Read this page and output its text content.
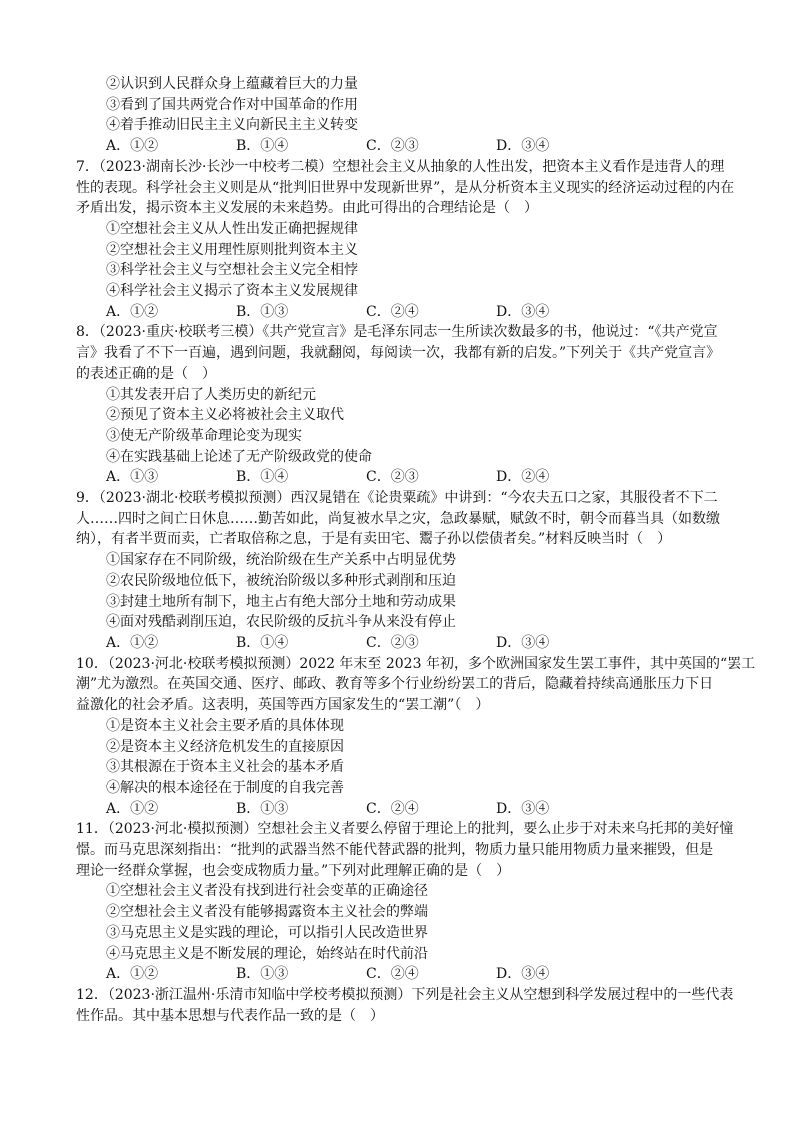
②认识到人民群众身上蕴藏着巨大的力量
③看到了国共两党合作对中国革命的作用
④着手推动旧民主主义向新民主主义转变
A．①②	B．①④	C．②③	D．③④
7．（2023·湖南长沙·长沙一中校考二模）空想社会主义从抽象的人性出发，把资本主义看作是违背人的理
性的表现。科学社会主义则是从“批判旧世界中发现新世界”，是从分析资本主义现实的经济运动过程的内在
矛盾出发，揭示资本主义发展的未来趋势。由此可得出的合理结论是（　）
①空想社会主义从人性出发正确把握规律
②空想社会主义用理性原则批判资本主义
③科学社会主义与空想社会主义完全相悖
④科学社会主义揭示了资本主义发展规律
A．①②	B．①③	C．②④	D．③④
8．（2023·重庆·校联考三模）《共产党宣言》是毛泽东同志一生所读次数最多的书，他说过：“《共产党宣
言》我看了不下一百遍，遇到问题，我就翻阅，每阅读一次，我都有新的启发。”下列关于《共产党宣言》
的表述正确的是（　）
①其发表开启了人类历史的新纪元
②预见了资本主义必将被社会主义取代
③使无产阶级革命理论变为现实
④在实践基础上论述了无产阶级政党的使命
A．①③	B．①④	C．②③	D．②④
9．（2023·湖北·校联考模拟预测）西汉晁错在《论贵粟疏》中讲到：“今农夫五口之家，其服役者不下二
人……四时之间亡日休息……勤苦如此，尚复被水旱之灾，急政暴赋，赋敛不时，朝令而暮当具（如数缴
纳），有者半贾而卖，亡者取倍称之息，于是有卖田宅、鬻子孙以偿债者矣。”材料反映当时（　）
①国家存在不同阶级，统治阶级在生产关系中占明显优势
②农民阶级地位低下，被统治阶级以多种形式剥削和压迫
③封建土地所有制下，地主占有绝大部分土地和劳动成果
④面对残酷剥削压迫，农民阶级的反抗斗争从来没有停止
A．①②	B．①④	C．②③	D．③④
10．（2023·河北·校联考模拟预测）2022 年末至 2023 年初，多个欧洲国家发生罢工事件，其中英国的“罢工
潮”尤为激烈。在英国交通、医疗、邮政、教育等多个行业纷纷罢工的背后，隐藏着持续高通胀压力下日
益激化的社会矛盾。这表明，英国等西方国家发生的“罢工潮”（　）
①是资本主义社会主要矛盾的具体体现
②是资本主义经济危机发生的直接原因
③其根源在于资本主义社会的基本矛盾
④解决的根本途径在于制度的自我完善
A．①②	B．①③	C．②④	D．③④
11．（2023·河北·模拟预测）空想社会主义者要么停留于理论上的批判，要么止步于对未来乌托邦的美好憧
憬。而马克思深刻指出：“批判的武器当然不能代替武器的批判，物质力量只能用物质力量来摧毁，但是
理论一经群众掌握，也会变成物质力量。”下列对此理解正确的是（　）
①空想社会主义者没有找到进行社会变革的正确途径
②空想社会主义者没有能够揭露资本主义社会的弊端
③马克思主义是实践的理论，可以指引人民改造世界
④马克思主义是不断发展的理论，始终站在时代前沿
A．①②	B．①③	C．②④	D．③④
12．（2023·浙江温州·乐清市知临中学校考模拟预测）下列是社会主义从空想到科学发展过程中的一些代表
性作品。其中基本思想与代表作品一致的是（　）
